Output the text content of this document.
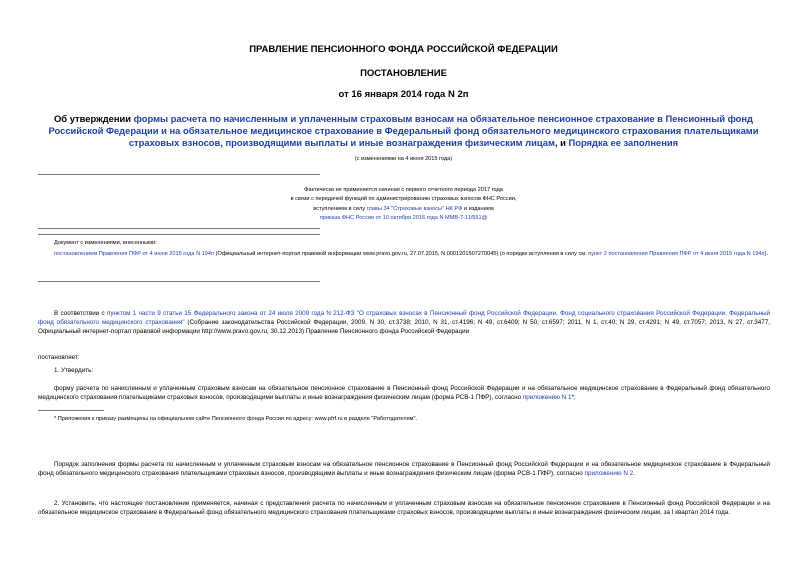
ПРАВЛЕНИЕ ПЕНСИОННОГО ФОНДА РОССИЙСКОЙ ФЕДЕРАЦИИ
ПОСТАНОВЛЕНИЕ
от 16 января 2014 года N 2п
Об утверждении формы расчета по начисленным и уплаченным страховым взносам на обязательное пенсионное страхование в Пенсионный фонд Российской Федерации и на обязательное медицинское страхование в Федеральный фонд обязательного медицинского страхования плательщиками страховых взносов, производящими выплаты и иные вознаграждения физическим лицам, и Порядка ее заполнения
(с изменениями на 4 июня 2015 года)
Фактически не применяется начиная с первого отчетного периода 2017 года
в связи с передачей функций по администрированию страховых взносов ФНС России,
вступлением в силу главы 34 "Страховые взносы" НК РФ и изданием
приказа ФНС России от 10 октября 2016 года N ММВ-7-11/551@
Документ с изменениями, внесенными:
постановлением Правления ПФР от 4 июня 2015 года N 194п (Официальный интернет-портал правовой информации www.pravo.gov.ru, 27.07.2015, N 0001201507270045) (о порядке вступления в силу см. пункт 2 постановления Правления ПФР от 4 июня 2015 года N 194п).
В соответствии с пунктом 1 части 9 статьи 15 Федерального закона от 24 июля 2009 года N 212-ФЗ "О страховых взносах в Пенсионный фонд Российской Федерации, Фонд социального страхования Российской Федерации, Федеральный фонд обязательного медицинского страхования" (Собрание законодательства Российской Федерации, 2009, N 30, ст.3738; 2010, N 31, ст.4196; N 49, ст.6409; N 50, ст.6597; 2011, N 1, ст.40; N 29, ст.4291; N 49, ст.7057; 2013, N 27, ст.3477, Официальный интернет-портал правовой информации http://www.pravo.gov.ru, 30.12.2013) Правление Пенсионного фонда Российской Федерации
постановляет:
1. Утвердить:
форму расчета по начисленным и уплаченным страховым взносам на обязательное пенсионное страхование в Пенсионный фонд Российской Федерации и на обязательное медицинское страхование в Федеральный фонд обязательного медицинского страхования плательщиками страховых взносов, производящими выплаты и иные вознаграждения физическим лицам (форма РСВ-1 ПФР), согласно приложению N 1*;
* Приложения к приказу размещены на официальном сайте Пенсионного фонда России по адресу: www.pfrf.ru в разделе "Работодателям".
Порядок заполнения формы расчета по начисленным и уплаченным страховым взносам на обязательное пенсионное страхование в Пенсионный фонд Российской Федерации и на обязательное медицинское страхование в Федеральный фонд обязательного медицинского страхования плательщиками страховых взносов, производящими выплаты и иные вознаграждения физическим лицам (форма РСВ-1 ПФР), согласно приложению N 2.
2. Установить, что настоящее постановление применяется, начиная с представления расчета по начисленным и уплаченным страховым взносам на обязательное пенсионное страхование в Пенсионный фонд Российской Федерации и на обязательное медицинское страхование в Федеральный фонд обязательного медицинского страхования плательщиками страховых взносов, производящими выплаты и иные вознаграждения физическим лицам, за I квартал 2014 года.
